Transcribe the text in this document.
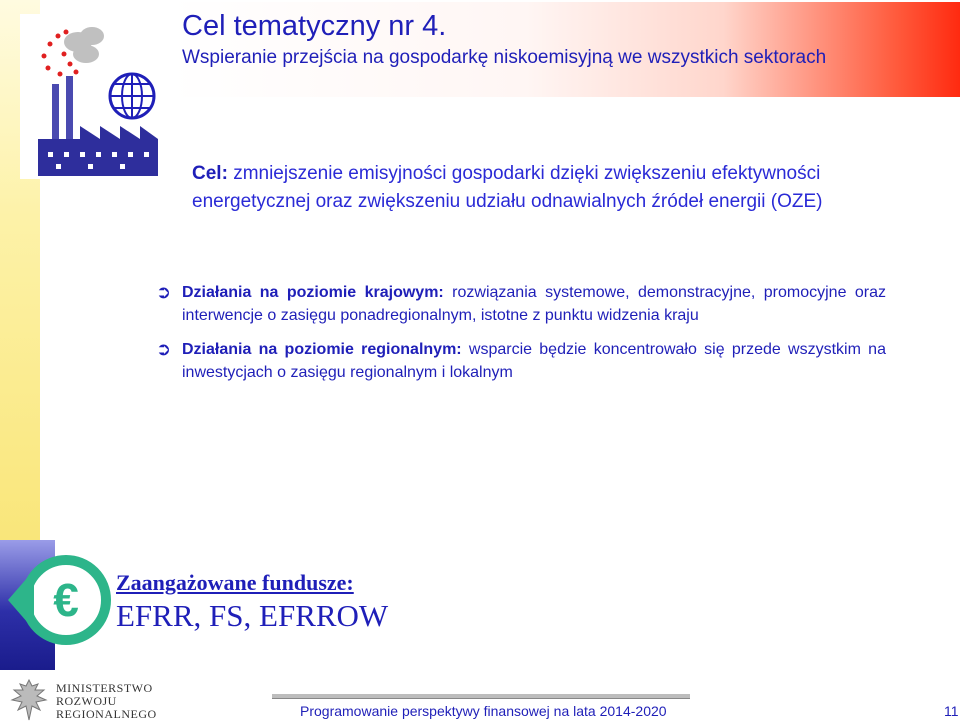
Cel tematyczny nr 4.
Wspieranie przejścia na gospodarkę niskoemisyjną we wszystkich sektorach
Cel: zmniejszenie emisyjności gospodarki dzięki zwiększeniu efektywności energetycznej oraz zwiększeniu udziału odnawialnych źródeł energii (OZE)
➲ Działania na poziomie krajowym: rozwiązania systemowe, demonstracyjne, promocyjne oraz interwencje o zasięgu ponadregionalnym, istotne z punktu widzenia kraju
➲ Działania na poziomie regionalnym: wsparcie będzie koncentrowało się przede wszystkim na inwestycjach o zasięgu regionalnym i lokalnym
€ Zaangażowane fundusze:
EFRR, FS, EFRROW
MINISTERSTWO
ROZWOJU
REGIONALNEGO	Programowanie perspektywy finansowej na lata 2014-2020	11
